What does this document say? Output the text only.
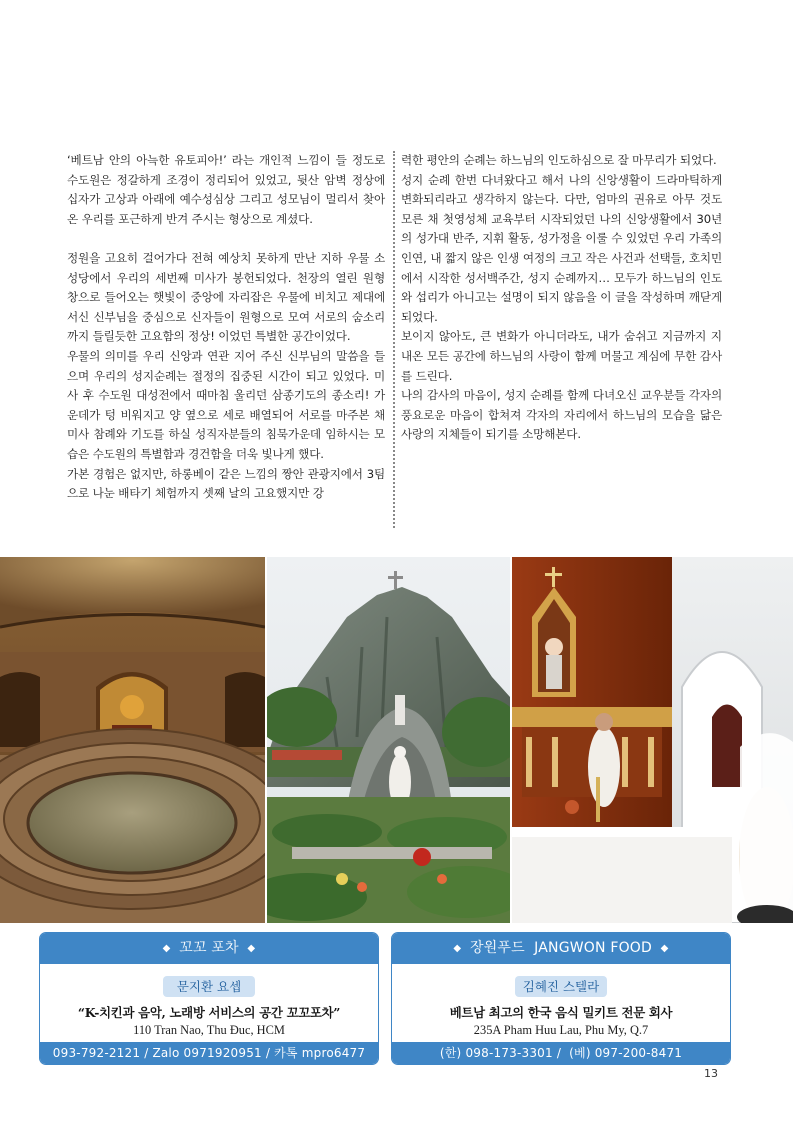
‘베트남 안의 아늑한 유토피아!’ 라는 개인적 느낌이 들 정도로 수도원은 정갈하게 조경이 정리되어 있었고, 뒷산 암벽 정상에 십자가 고상과 아래에 예수성심상 그리고 성모님이 멀리서 찾아온 우리를 포근하게 반겨 주시는 형상으로 계셨다.

정원을 고요히 걸어가다 전혀 예상치 못하게 만난 지하 우물 소성당에서 우리의 세번째 미사가 봉헌되었다. 천장의 열린 원형 창으로 들어오는 햇빛이 중앙에 자리잡은 우물에 비치고 제대에 서신 신부님을 중심으로 신자들이 원형으로 모여 서로의 숨소리까지 들릴듯한 고요함의 정상! 이었던 특별한 공간이었다.

우물의 의미를 우리 신앙과 연관 지어 주신 신부님의 말씀을 들으며 우리의 성지순례는 절정의 집중된 시간이 되고 있었다. 미사 후 수도원 대성전에서 때마침 울리던 삼종기도의 종소리! 가운데가 텅 비워지고 양 옆으로 세로 배열되어 서로를 마주본 채 미사 참례와 기도를 하실 성직자분들의 침묵가운데 임하시는 모습은 수도원의 특별함과 경건함을 더욱 빛나게 했다.

가본 경험은 없지만, 하롱베이 같은 느낌의 짱안 관광지에서 3팀으로 나눈 배타기 체험까지 셋째 날의 고요했지만 강

력한 평안의 순례는 하느님의 인도하심으로 잘 마무리가 되었다.

성지 순례 한번 다녀왔다고 해서 나의 신앙생활이 드라마틱하게 변화되리라고 생각하지 않는다. 다만, 엄마의 권유로 아무 것도 모른 채 첫영성체 교육부터 시작되었던 나의 신앙생활에서 30년의 성가대 반주, 지휘 활동, 성가정을 이룰 수 있었던 우리 가족의 인연, 내 짧지 않은 인생 여정의 크고 작은 사건과 선택들, 호치민에서 시작한 성서백주간, 성지 순례까지… 모두가 하느님의 인도와 섭리가 아니고는 설명이 되지 않음을 이 글을 작성하며 깨닫게 되었다.

보이지 않아도, 큰 변화가 아니더라도, 내가 숨쉬고 지금까지 지내온 모든 공간에 하느님의 사랑이 함께 머물고 계심에 무한 감사를 드린다.

나의 감사의 마음이, 성지 순례를 함께 다녀오신 교우분들 각자의 풍요로운 마음이 합쳐져 각자의 자리에서 하느님의 모습을 닮은 사랑의 지체들이 되기를 소망해본다.

◆ 꼬꼬 포차 ◆
문지환 요셉
“K-치킨과 음악, 노래방 서비스의 공간 꼬꼬포차”
110 Tran Nao, Thu Đuc, HCM
093-792-2121 / Zalo 0971920951 / 카톡 mpro6477
◆ 장원푸드  JANGWON FOOD ◆
김혜진 스텔라
베트남 최고의 한국 음식 밀키트 전문 회사
235A Pham Huu Lau, Phu My, Q.7
(한) 098-173-3301 /  (베) 097-200-8471
13
